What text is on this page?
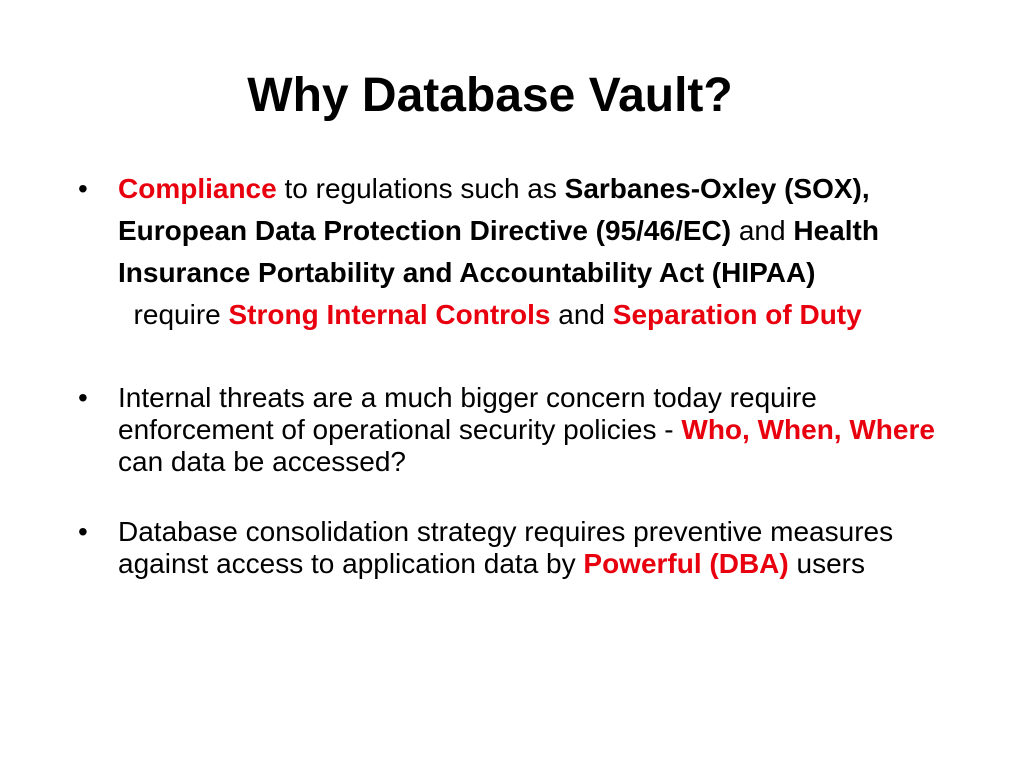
Why Database Vault?
•	Compliance to regulations such as Sarbanes-Oxley (SOX), European Data Protection Directive (95/46/EC) and Health Insurance Portability and Accountability Act (HIPAA)  require Strong Internal Controls and Separation of Duty
•	Internal threats are a much bigger concern today require enforcement of operational security policies - Who, When, Where can data be accessed?
•	Database consolidation strategy requires preventive measures against access to application data by Powerful (DBA) users
